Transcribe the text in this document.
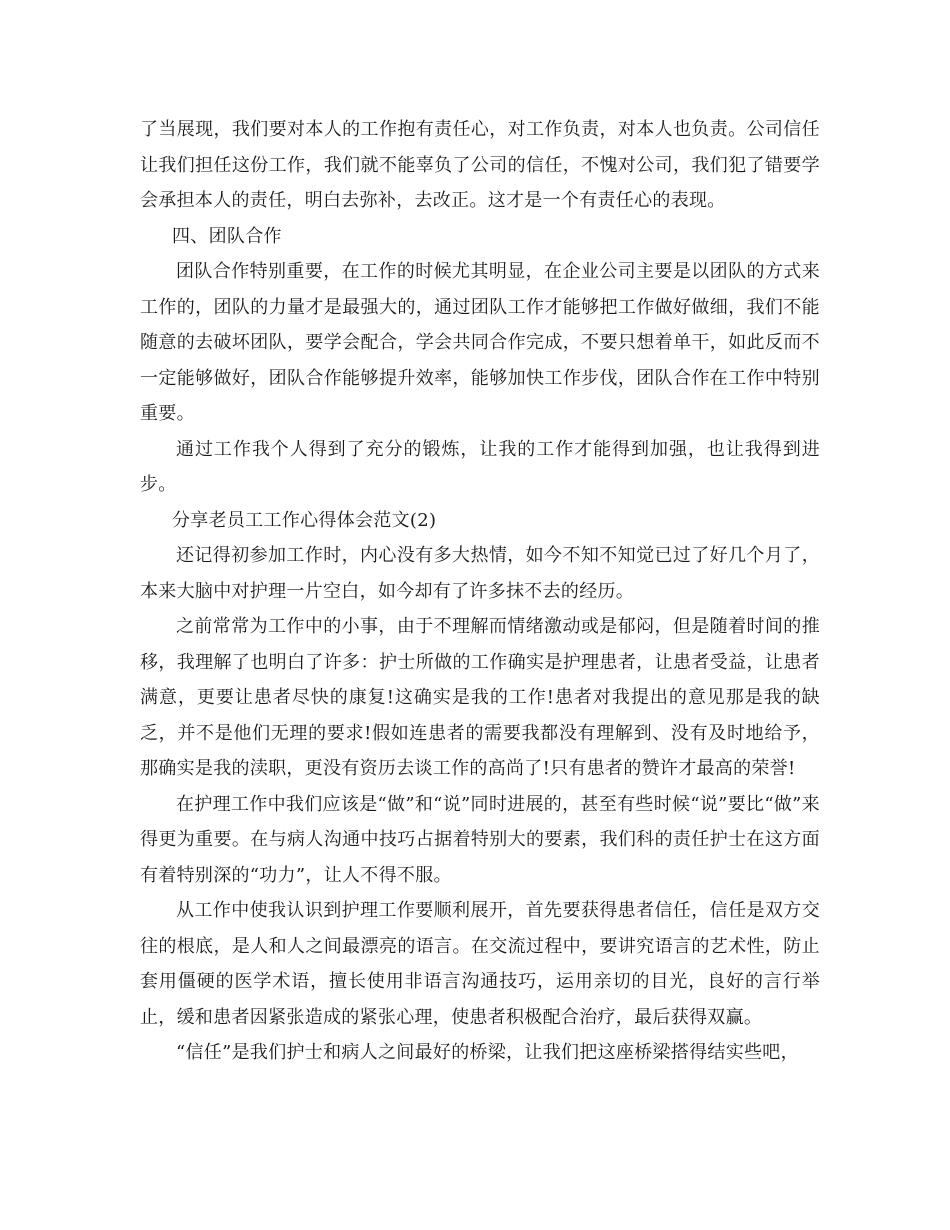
了当展现，我们要对本人的工作抱有责任心，对工作负责，对本人也负责。公司信任让我们担任这份工作，我们就不能辜负了公司的信任，不愧对公司，我们犯了错要学会承担本人的责任，明白去弥补，去改正。这才是一个有责任心的表现。

四、团队合作

团队合作特别重要，在工作的时候尤其明显，在企业公司主要是以团队的方式来工作的，团队的力量才是最强大的，通过团队工作才能够把工作做好做细，我们不能随意的去破坏团队，要学会配合，学会共同合作完成，不要只想着单干，如此反而不一定能够做好，团队合作能够提升效率，能够加快工作步伐，团队合作在工作中特别重要。

通过工作我个人得到了充分的锻炼，让我的工作才能得到加强，也让我得到进步。

分享老员工工作心得体会范文(2)

还记得初参加工作时，内心没有多大热情，如今不知不知觉已过了好几个月了，本来大脑中对护理一片空白，如今却有了许多抹不去的经历。

之前常常为工作中的小事，由于不理解而情绪激动或是郁闷，但是随着时间的推移，我理解了也明白了许多：护士所做的工作确实是护理患者，让患者受益，让患者满意，更要让患者尽快的康复!这确实是我的工作!患者对我提出的意见那是我的缺乏，并不是他们无理的要求!假如连患者的需要我都没有理解到、没有及时地给予，那确实是我的渎职，更没有资历去谈工作的高尚了!只有患者的赞许才最高的荣誉!

在护理工作中我们应该是“做”和“说”同时进展的，甚至有些时候“说”要比“做”来得更为重要。在与病人沟通中技巧占据着特别大的要素，我们科的责任护士在这方面有着特别深的“功力”，让人不得不服。

从工作中使我认识到护理工作要顺利展开，首先要获得患者信任，信任是双方交往的根底，是人和人之间最漂亮的语言。在交流过程中，要讲究语言的艺术性，防止套用僵硬的医学术语，擅长使用非语言沟通技巧，运用亲切的目光，良好的言行举止，缓和患者因紧张造成的紧张心理，使患者积极配合治疗，最后获得双赢。

“信任”是我们护士和病人之间最好的桥梁，让我们把这座桥梁搭得结实些吧，
